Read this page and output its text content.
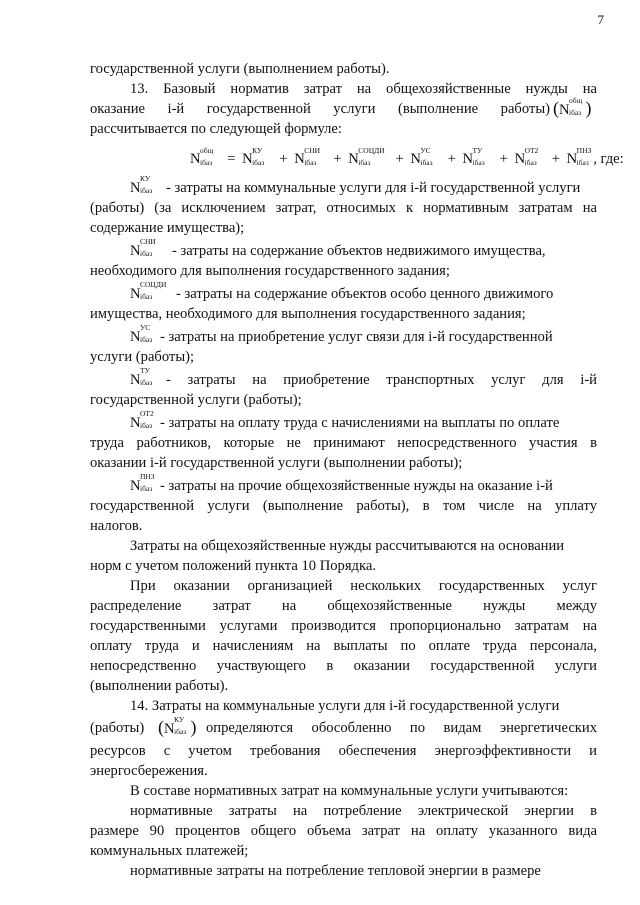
7
государственной услуги (выполнением работы).
13. Базовый норматив затрат на общехозяйственные нужды на
оказание i-й государственной услуги (выполнение работы)
рассчитывается по следующей формуле:
- затраты на коммунальные услуги для i-й государственной услуги
(работы) (за исключением затрат, относимых к нормативным затратам на
содержание имущества);
- затраты на содержание объектов недвижимого имущества,
необходимого для выполнения государственного задания;
- затраты на содержание объектов особо ценного движимого
имущества, необходимого для выполнения государственного задания;
- затраты на приобретение услуг связи для i-й государственной
услуги (работы);
- затраты на приобретение транспортных услуг для i-й
государственной услуги (работы);
- затраты на оплату труда с начислениями на выплаты по оплате
труда работников, которые не принимают непосредственного участия в
оказании i-й государственной услуги (выполнении работы);
- затраты на прочие общехозяйственные нужды на оказание i-й
государственной услуги (выполнение работы), в том числе на уплату
налогов.
Затраты на общехозяйственные нужды рассчитываются на основании
норм с учетом положений пункта 10 Порядка.
При оказании организацией нескольких государственных услуг
распределение затрат на общехозяйственные нужды между
государственными услугами производится пропорционально затратам на
оплату труда и начислениям на выплаты по оплате труда персонала,
непосредственно участвующего в оказании государственной услуги
(выполнении работы).
14. Затраты на коммунальные услуги для i-й государственной услуги
определяются обособленно по видам энергетических
ресурсов с учетом требования обеспечения энергоэффективности и
энергосбережения.
В составе нормативных затрат на коммунальные услуги учитываются:
нормативные затраты на потребление электрической энергии в
размере 90 процентов общего объема затрат на оплату указанного вида
коммунальных платежей;
нормативные затраты на потребление тепловой энергии в размере
(N
общ
iбаз )
N
общ
iбаз = N
КУ
iбаз + N
СНИ
iбаз + N
СОЦДИ
iбаз + N
УС
iбаз + N
ТУ
iбаз + N
ОТ2
iбаз + N
ПНЗ
iбаз , где:
N
КУ
iбаз
N
СНИ
iбаз
N
СОЦДИ
iбаз
N
УС
iбаз
N
ТУ
iбаз
N
ОТ2
iбаз
N
ПНЗ
iбаз
(N
КУ
iбаз )
(работы)
